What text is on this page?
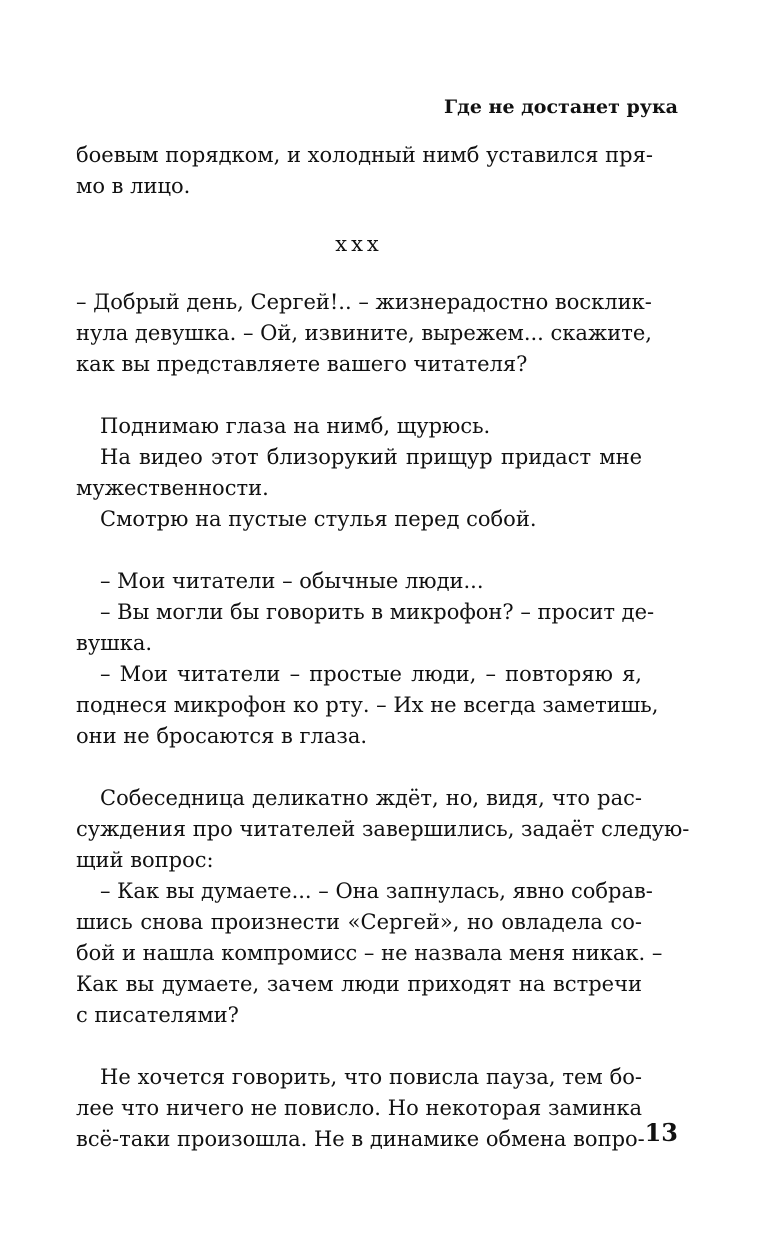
Где не достанет рука
боевым порядком, и холодный нимб уставился пря-
мо в лицо.
ххх
– Добрый день, Сергей!.. – жизнерадостно восклик-
нула девушка. – Ой, извините, вырежем... скажите,
как вы представляете вашего читателя?
Поднимаю глаза на нимб, щурюсь.
На видео этот близорукий прищур придаст мне
мужественности.
Смотрю на пустые стулья перед собой.
– Мои читатели – обычные люди...
– Вы могли бы говорить в микрофон? – просит де-
вушка.
– Мои читатели – простые люди, – повторяю я,
поднеся микрофон ко рту. – Их не всегда заметишь,
они не бросаются в глаза.
Собеседница деликатно ждёт, но, видя, что рас-
суждения про читателей завершились, задаёт следую-
щий вопрос:
– Как вы думаете... – Она запнулась, явно собрав-
шись снова произнести «Сергей», но овладела со-
бой и нашла компромисс – не назвала меня никак. –
Как вы думаете, зачем люди приходят на встречи
с писателями?
Не хочется говорить, что повисла пауза, тем бо-
лее что ничего не повисло. Но некоторая заминка
всё-таки произошла. Не в динамике обмена вопро- 13
